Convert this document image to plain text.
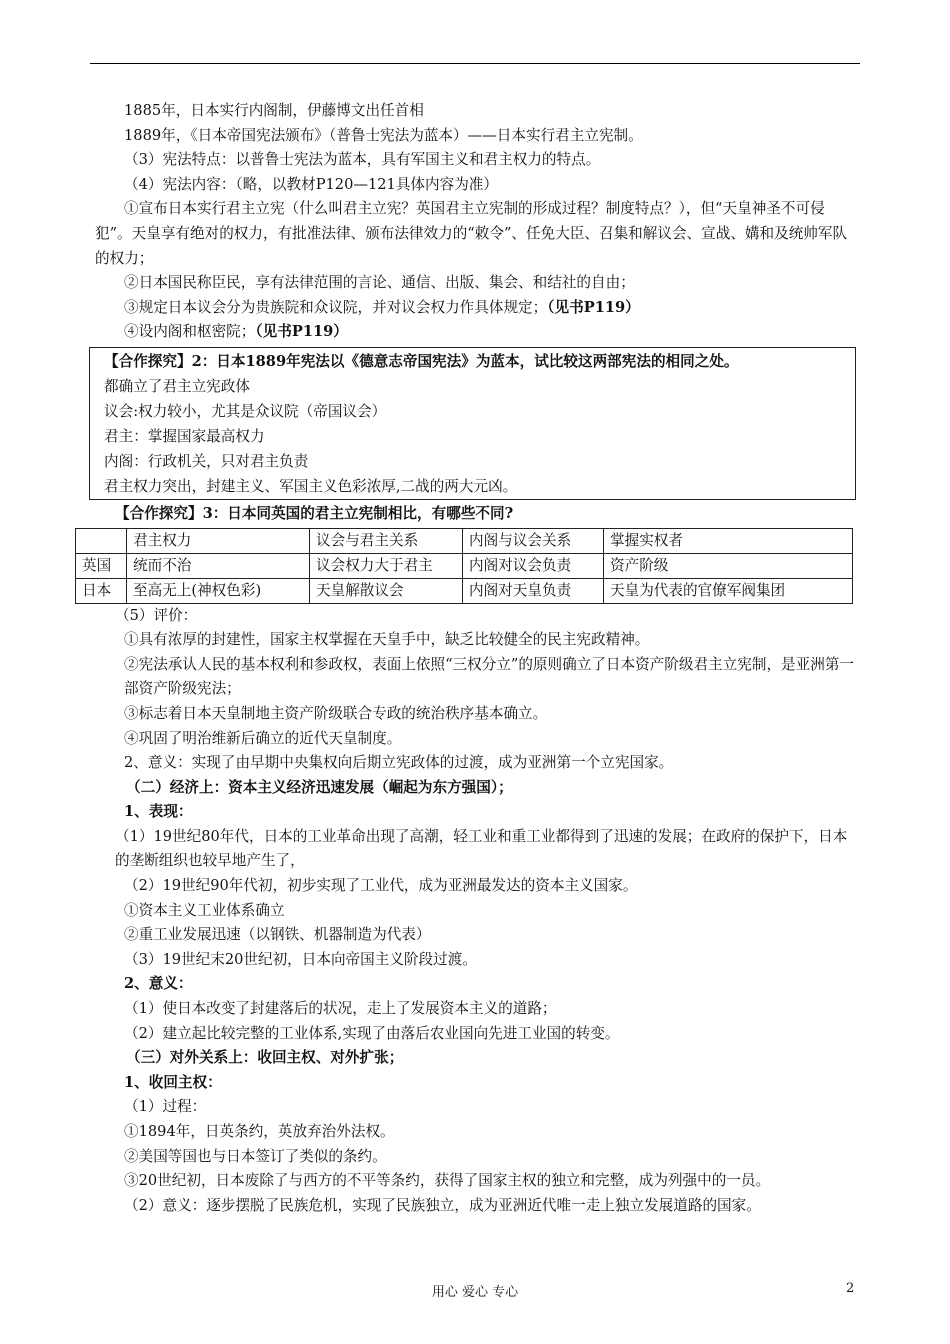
1885年，日本实行内阁制，伊藤博文出任首相
1889年，《日本帝国宪法颁布》（普鲁士宪法为蓝本）——日本实行君主立宪制。
（3）宪法特点：以普鲁士宪法为蓝本，具有军国主义和君主权力的特点。
（4）宪法内容：（略，以教材P120—121具体内容为准）
①宣布日本实行君主立宪（什么叫君主立宪？英国君主立宪制的形成过程？制度特点？），但“天皇神圣不可侵犯”。天皇享有绝对的权力，有批准法律、颁布法律效力的“敕令”、任免大臣、召集和解议会、宣战、媾和及统帅军队的权力；
②日本国民称臣民，享有法律范围的言论、通信、出版、集会、和结社的自由；
③规定日本议会分为贵族院和众议院，并对议会权力作具体规定；（见书P119）
④设内阁和枢密院；（见书P119）
【合作探究】2：日本1889年宪法以《德意志帝国宪法》为蓝本，试比较这两部宪法的相同之处。
都确立了君主立宪政体
议会:权力较小，尤其是众议院（帝国议会）
君主：掌握国家最高权力
内阁：行政机关，只对君主负责
君主权力突出，封建主义、军国主义色彩浓厚,二战的两大元凶。
【合作探究】3：日本同英国的君主立宪制相比，有哪些不同?
	君主权力	议会与君主关系	内阁与议会关系	掌握实权者
英国	统而不治	议会权力大于君主	内阁对议会负责	资产阶级
日本	至高无上(神权色彩)	天皇解散议会	内阁对天皇负责	天皇为代表的官僚军阀集团
（5）评价：
①具有浓厚的封建性，国家主权掌握在天皇手中，缺乏比较健全的民主宪政精神。
②宪法承认人民的基本权利和参政权，表面上依照“三权分立”的原则确立了日本资产阶级君主立宪制，是亚洲第一部资产阶级宪法；
③标志着日本天皇制地主资产阶级联合专政的统治秩序基本确立。
④巩固了明治维新后确立的近代天皇制度。
2、意义：实现了由早期中央集权向后期立宪政体的过渡，成为亚洲第一个立宪国家。
（二）经济上：资本主义经济迅速发展（崛起为东方强国）；
1、表现：
（1）19世纪80年代，日本的工业革命出现了高潮，轻工业和重工业都得到了迅速的发展；在政府的保护下，日本的垄断组织也较早地产生了，
（2）19世纪90年代初，初步实现了工业代，成为亚洲最发达的资本主义国家。
①资本主义工业体系确立
②重工业发展迅速（以钢铁、机器制造为代表）
（3）19世纪末20世纪初，日本向帝国主义阶段过渡。
2、意义：
（1）使日本改变了封建落后的状况，走上了发展资本主义的道路；
（2）建立起比较完整的工业体系,实现了由落后农业国向先进工业国的转变。
（三）对外关系上：收回主权、对外扩张；
1、收回主权：
（1）过程：
①1894年，日英条约，英放弃治外法权。
②美国等国也与日本签订了类似的条约。
③20世纪初，日本废除了与西方的不平等条约，获得了国家主权的独立和完整，成为列强中的一员。
（2）意义：逐步摆脱了民族危机，实现了民族独立，成为亚洲近代唯一走上独立发展道路的国家。
用心 爱心 专心	2
